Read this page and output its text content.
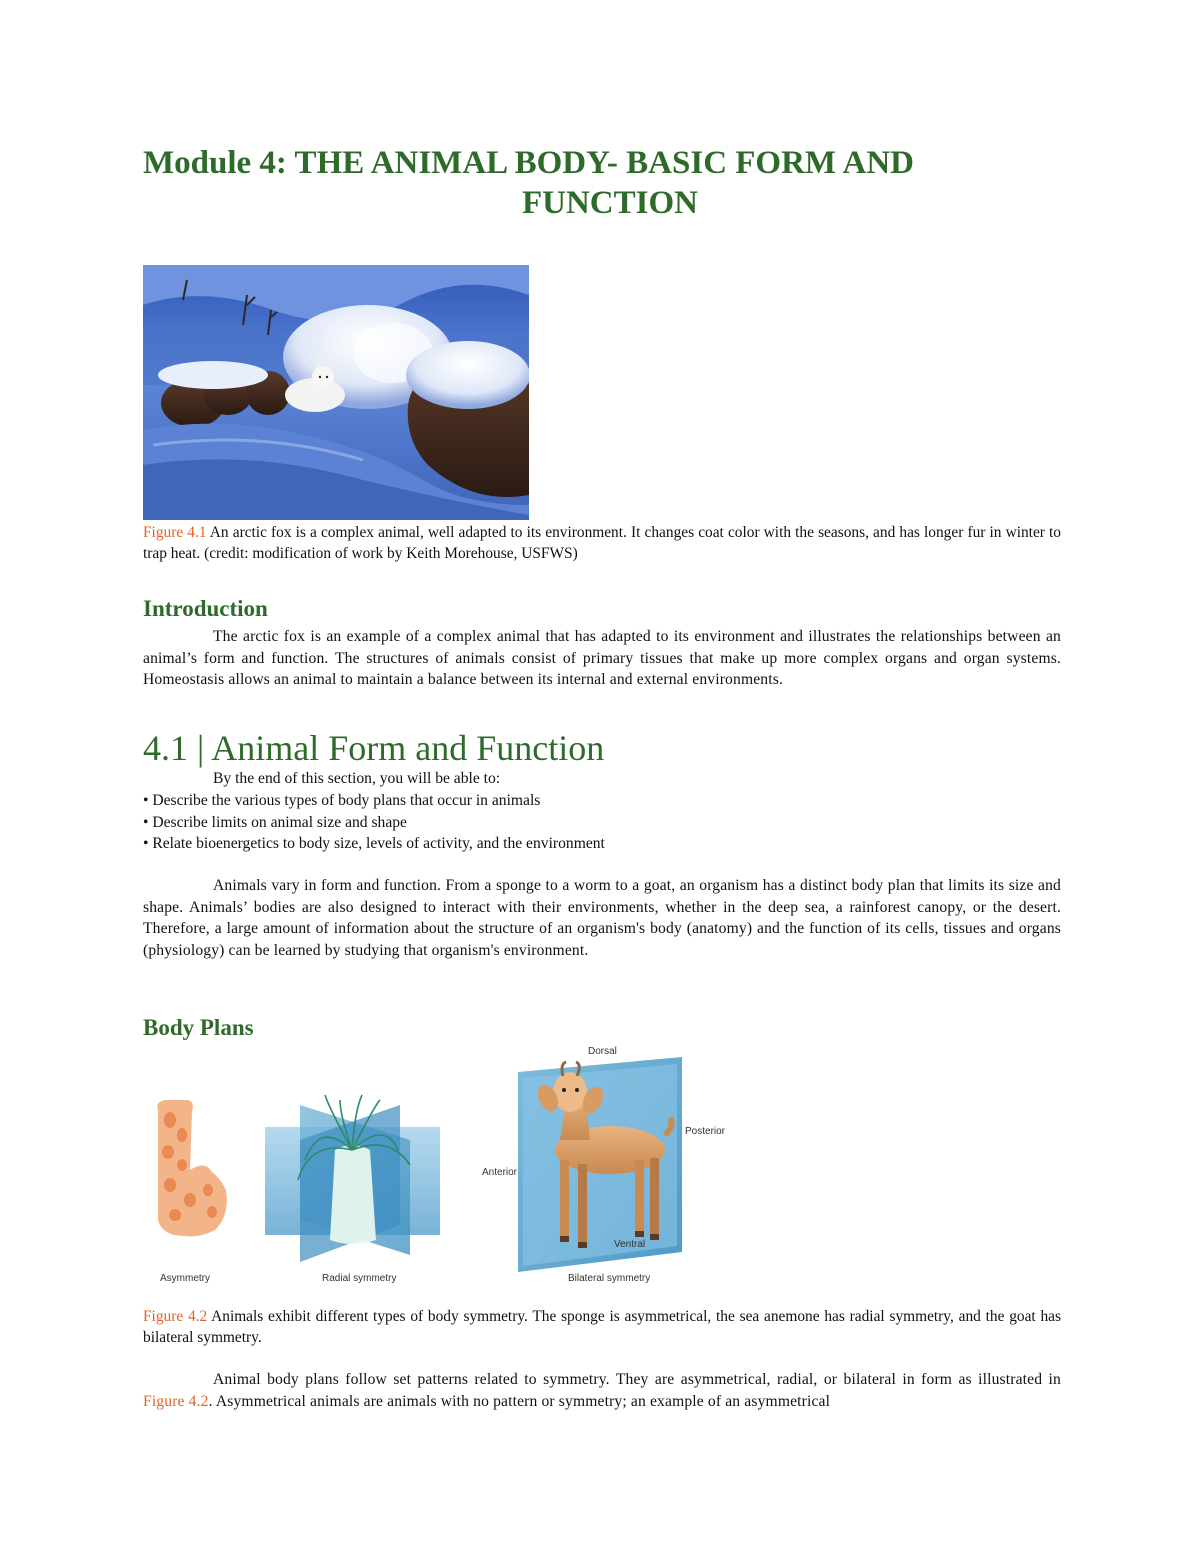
Module 4: THE ANIMAL BODY- BASIC FORM AND
FUNCTION

Figure 4.1 An arctic fox is a complex animal, well adapted to its environment. It changes coat color with the seasons, and has longer fur in winter to trap heat. (credit: modification of work by Keith Morehouse, USFWS)

Introduction

The arctic fox is an example of a complex animal that has adapted to its environment and illustrates the relationships between an animal’s form and function. The structures of animals consist of primary tissues that make up more complex organs and organ systems. Homeostasis allows an animal to maintain a balance between its internal and external environments.

4.1 | Animal Form and Function
By the end of this section, you will be able to:
• Describe the various types of body plans that occur in animals
• Describe limits on animal size and shape
• Relate bioenergetics to body size, levels of activity, and the environment

Animals vary in form and function. From a sponge to a worm to a goat, an organism has a distinct body plan that limits its size and shape. Animals’ bodies are also designed to interact with their environments, whether in the deep sea, a rainforest canopy, or the desert. Therefore, a large amount of information about the structure of an organism's body (anatomy) and the function of its cells, tissues and organs (physiology) can be learned by studying that organism's environment.

Body Plans
Asymmetry	Radial symmetry	Bilateral symmetry
Dorsal
Posterior
Anterior
Ventral

Figure 4.2 Animals exhibit different types of body symmetry. The sponge is asymmetrical, the sea anemone has radial symmetry, and the goat has bilateral symmetry.

Animal body plans follow set patterns related to symmetry. They are asymmetrical, radial, or bilateral in form as illustrated in Figure 4.2. Asymmetrical animals are animals with no pattern or symmetry; an example of an asymmetrical
